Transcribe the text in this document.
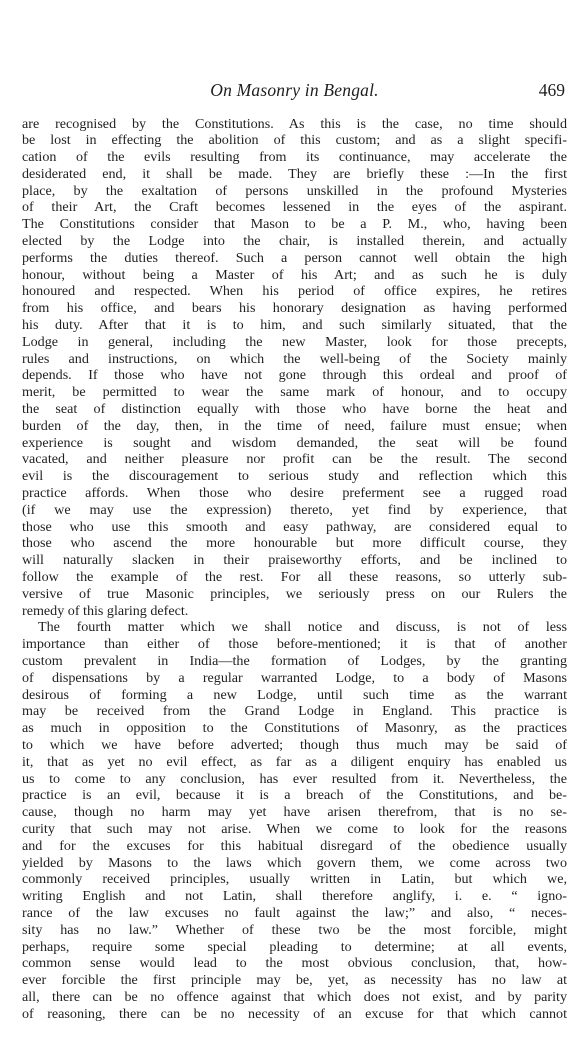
On Masonry in Bengal.	469
are recognised by the Constitutions. As this is the case, no time should
be lost in effecting the abolition of this custom; and as a slight specifi-
cation of the evils resulting from its continuance, may accelerate the
desiderated end, it shall be made. They are briefly these :—In the first
place, by the exaltation of persons unskilled in the profound Mysteries
of their Art, the Craft becomes lessened in the eyes of the aspirant.
The Constitutions consider that Mason to be a P. M., who, having been
elected by the Lodge into the chair, is installed therein, and actually
performs the duties thereof. Such a person cannot well obtain the high
honour, without being a Master of his Art; and as such he is duly
honoured and respected. When his period of office expires, he retires
from his office, and bears his honorary designation as having performed
his duty. After that it is to him, and such similarly situated, that the
Lodge in general, including the new Master, look for those precepts,
rules and instructions, on which the well-being of the Society mainly
depends. If those who have not gone through this ordeal and proof of
merit, be permitted to wear the same mark of honour, and to occupy
the seat of distinction equally with those who have borne the heat and
burden of the day, then, in the time of need, failure must ensue; when
experience is sought and wisdom demanded, the seat will be found
vacated, and neither pleasure nor profit can be the result. The second
evil is the discouragement to serious study and reflection which this
practice affords. When those who desire preferment see a rugged road
(if we may use the expression) thereto, yet find by experience, that
those who use this smooth and easy pathway, are considered equal to
those who ascend the more honourable but more difficult course, they
will naturally slacken in their praiseworthy efforts, and be inclined to
follow the example of the rest. For all these reasons, so utterly sub-
versive of true Masonic principles, we seriously press on our Rulers the
remedy of this glaring defect.
The fourth matter which we shall notice and discuss, is not of less
importance than either of those before-mentioned; it is that of another
custom prevalent in India—the formation of Lodges, by the granting
of dispensations by a regular warranted Lodge, to a body of Masons
desirous of forming a new Lodge, until such time as the warrant
may be received from the Grand Lodge in England. This practice is
as much in opposition to the Constitutions of Masonry, as the practices
to which we have before adverted; though thus much may be said of
it, that as yet no evil effect, as far as a diligent enquiry has enabled us
us to come to any conclusion, has ever resulted from it. Nevertheless, the
practice is an evil, because it is a breach of the Constitutions, and be-
cause, though no harm may yet have arisen therefrom, that is no se-
curity that such may not arise. When we come to look for the reasons
and for the excuses for this habitual disregard of the obedience usually
yielded by Masons to the laws which govern them, we come across two
commonly received principles, usually written in Latin, but which we,
writing English and not Latin, shall therefore anglify, i. e. “ igno-
rance of the law excuses no fault against the law;” and also, “ neces-
sity has no law.” Whether of these two be the most forcible, might
perhaps, require some special pleading to determine; at all events,
common sense would lead to the most obvious conclusion, that, how-
ever forcible the first principle may be, yet, as necessity has no law at
all, there can be no offence against that which does not exist, and by parity
of reasoning, there can be no necessity of an excuse for that which cannot
